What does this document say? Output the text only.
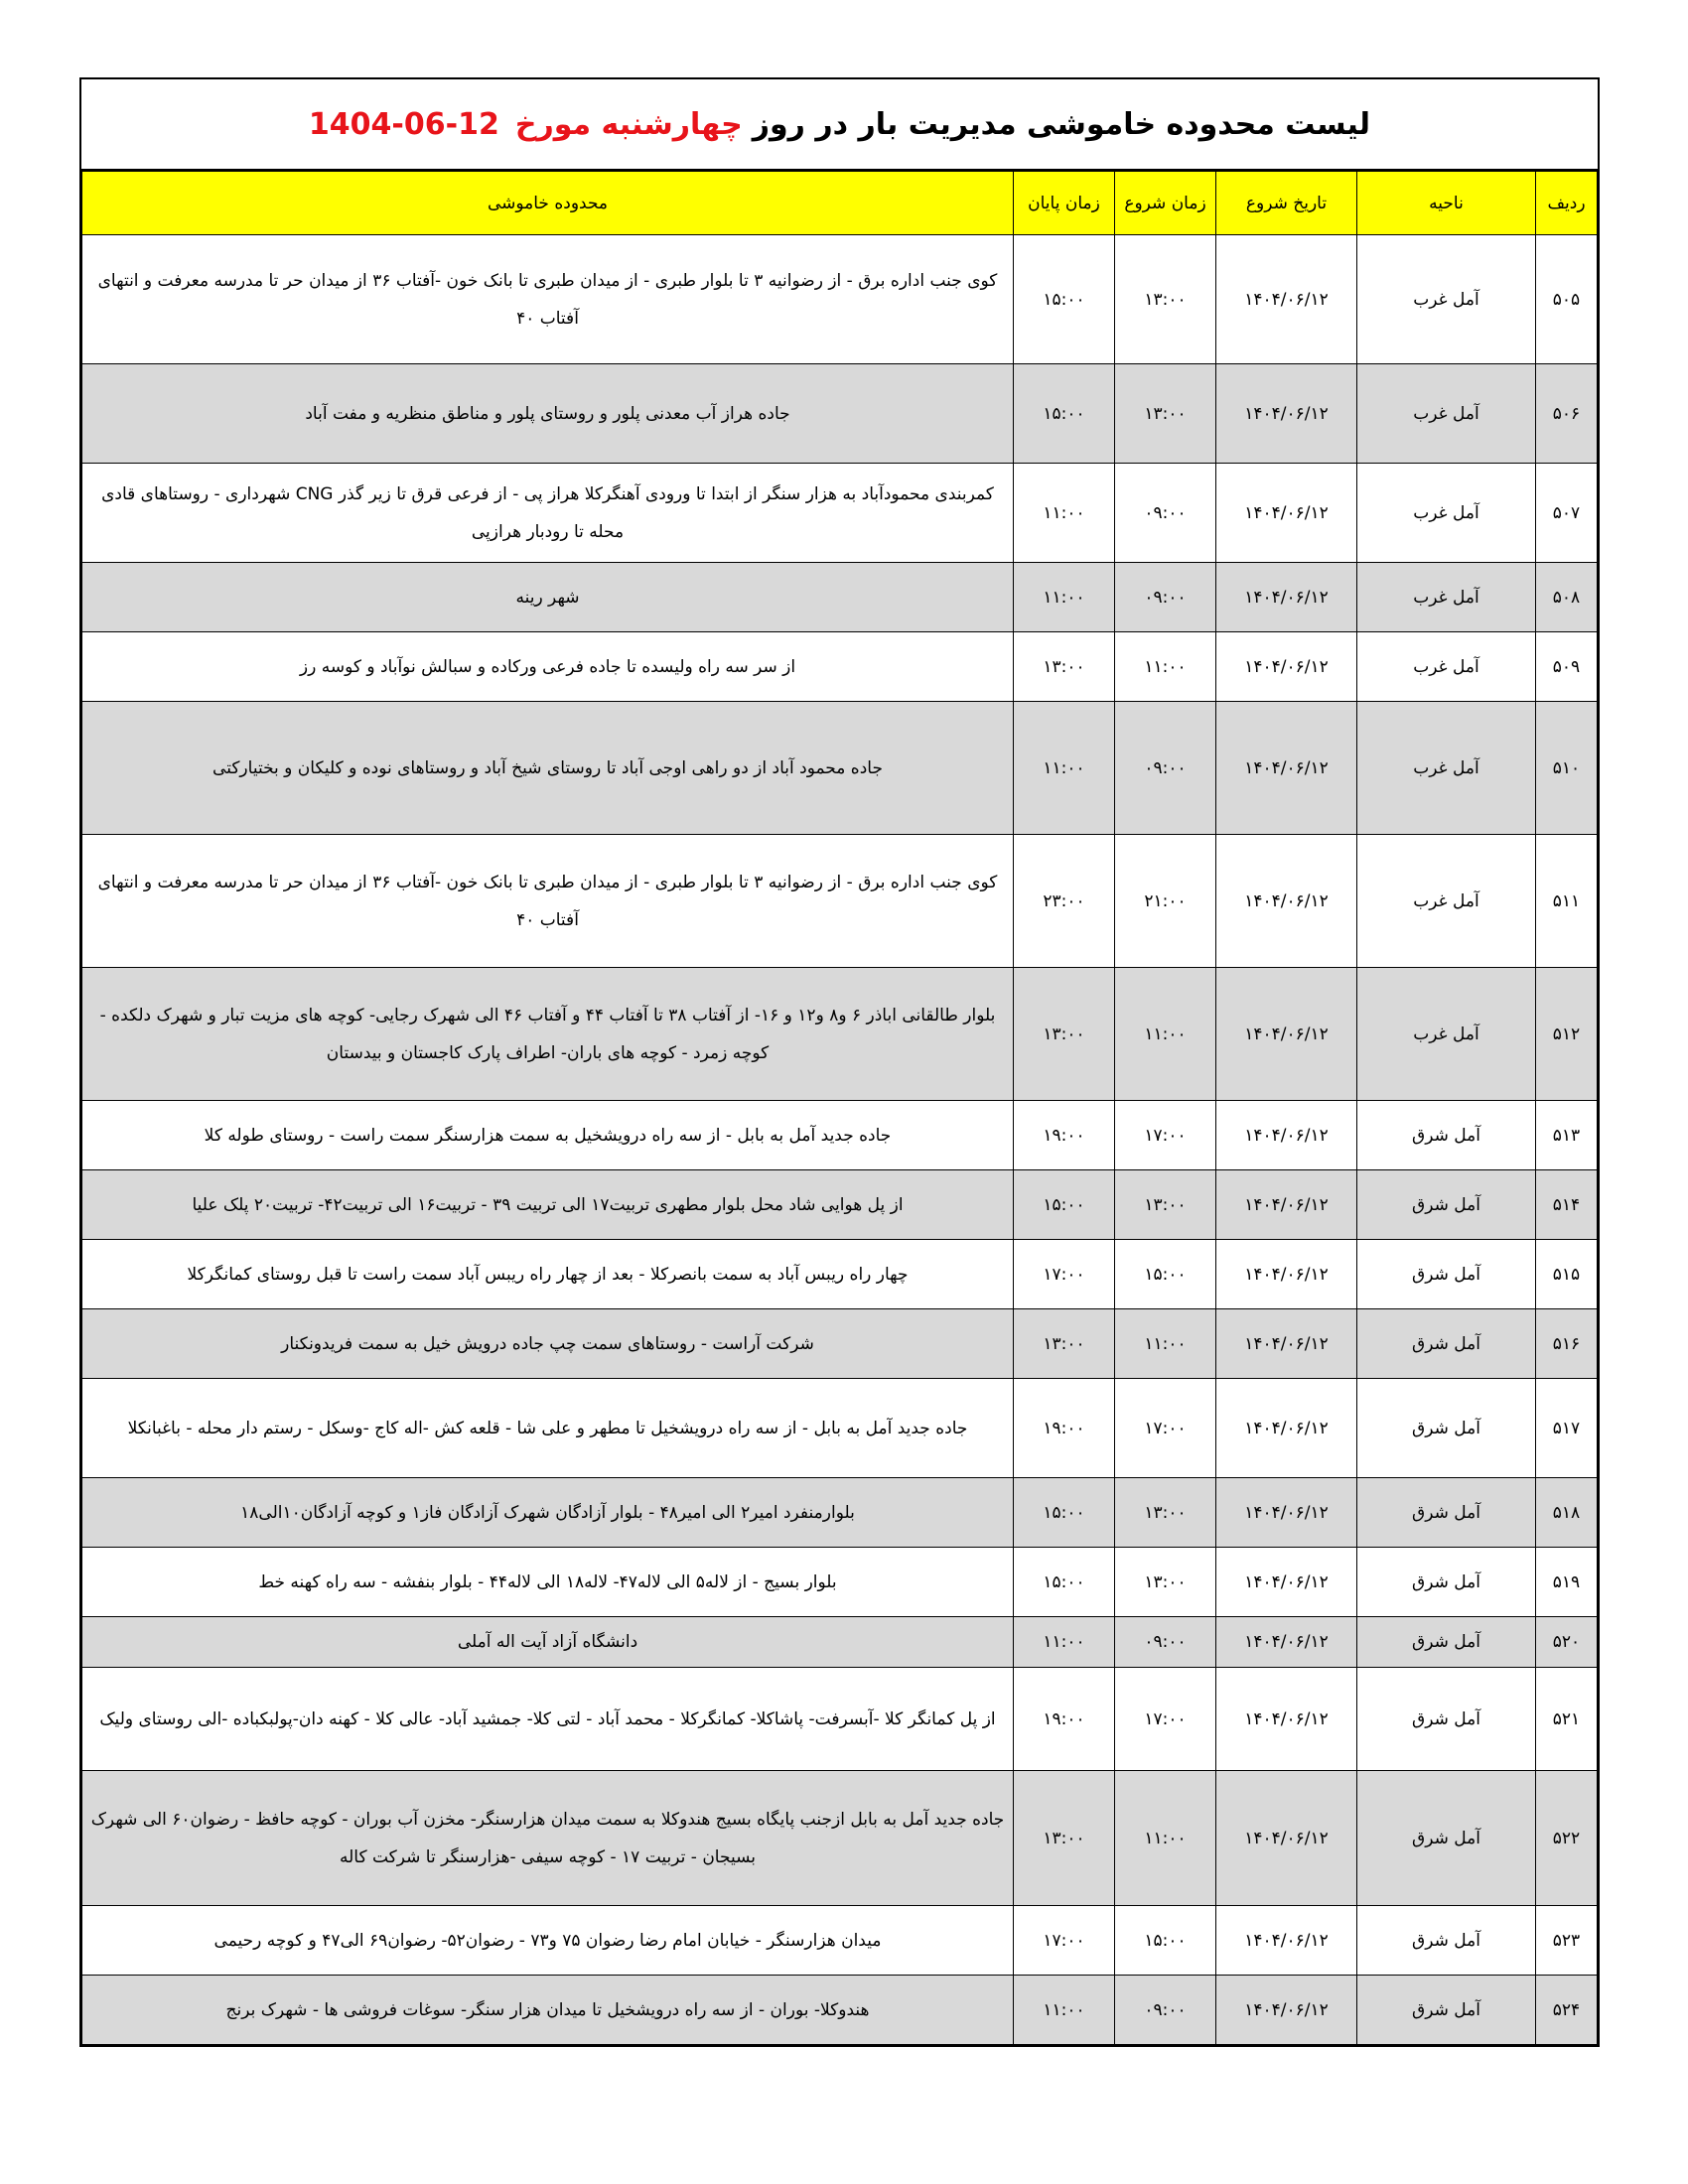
لیست محدوده خاموشی مدیریت بار در روز
چهارشنبه مورخ
1404-06-12
ردیف	ناحیه	تاریخ شروع	زمان شروع	زمان پایان	محدوده خاموشی
۵۰۵	آمل غرب	۱۴۰۴/۰۶/۱۲	۱۳:۰۰	۱۵:۰۰	کوی جنب اداره برق - از رضوانیه ۳ تا بلوار طبری - از میدان طبری تا بانک خون -آفتاب ۳۶ از میدان حر تا مدرسه معرفت و انتهای آفتاب ۴۰
۵۰۶	آمل غرب	۱۴۰۴/۰۶/۱۲	۱۳:۰۰	۱۵:۰۰	جاده هراز آب معدنی پلور و روستای پلور و مناطق منظریه و مفت آباد
۵۰۷	آمل غرب	۱۴۰۴/۰۶/۱۲	۰۹:۰۰	۱۱:۰۰	کمربندی محمودآباد به هزار سنگر از ابتدا تا ورودی آهنگرکلا هراز پی - از فرعی قرق تا زیر گذر CNG شهرداری - روستاهای قادی محله تا رودبار هرازپی
۵۰۸	آمل غرب	۱۴۰۴/۰۶/۱۲	۰۹:۰۰	۱۱:۰۰	شهر رینه
۵۰۹	آمل غرب	۱۴۰۴/۰۶/۱۲	۱۱:۰۰	۱۳:۰۰	از سر سه راه ولیسده تا جاده فرعی ورکاده و سبالش نوآباد و کوسه رز
۵۱۰	آمل غرب	۱۴۰۴/۰۶/۱۲	۰۹:۰۰	۱۱:۰۰	جاده محمود آباد از دو راهی اوجی آباد تا روستای شیخ آباد و روستاهای نوده و کلیکان و بختیارکتی
۵۱۱	آمل غرب	۱۴۰۴/۰۶/۱۲	۲۱:۰۰	۲۳:۰۰	کوی جنب اداره برق - از رضوانیه ۳ تا بلوار طبری - از میدان طبری تا بانک خون -آفتاب ۳۶ از میدان حر تا مدرسه معرفت و انتهای آفتاب ۴۰
۵۱۲	آمل غرب	۱۴۰۴/۰۶/۱۲	۱۱:۰۰	۱۳:۰۰	بلوار طالقانی اباذر ۶ و۸ و۱۲ و ۱۶- از آفتاب ۳۸ تا آفتاب ۴۴ و آفتاب ۴۶ الی شهرک رجایی- کوچه های مزیت تبار و شهرک دلکده - کوچه زمرد - کوچه های باران- اطراف پارک کاجستان و بیدستان
۵۱۳	آمل شرق	۱۴۰۴/۰۶/۱۲	۱۷:۰۰	۱۹:۰۰	جاده جدید آمل به بابل - از سه راه درویشخیل به سمت هزارسنگر سمت راست - روستای طوله کلا
۵۱۴	آمل شرق	۱۴۰۴/۰۶/۱۲	۱۳:۰۰	۱۵:۰۰	از پل هوایی شاد محل بلوار مطهری تربیت۱۷ الی تربیت ۳۹ - تربیت۱۶ الی تربیت۴۲- تربیت۲۰ پلک علیا
۵۱۵	آمل شرق	۱۴۰۴/۰۶/۱۲	۱۵:۰۰	۱۷:۰۰	چهار راه ریبس آباد به سمت بانصرکلا - بعد از چهار راه ریبس آباد سمت راست تا قبل روستای کمانگرکلا
۵۱۶	آمل شرق	۱۴۰۴/۰۶/۱۲	۱۱:۰۰	۱۳:۰۰	شرکت آراست - روستاهای سمت چپ جاده درویش خیل به سمت فریدونکنار
۵۱۷	آمل شرق	۱۴۰۴/۰۶/۱۲	۱۷:۰۰	۱۹:۰۰	جاده جدید آمل به بابل - از سه راه درویشخیل تا مطهر و علی شا - قلعه کش -اله کاج -وسکل - رستم دار محله - باغبانکلا
۵۱۸	آمل شرق	۱۴۰۴/۰۶/۱۲	۱۳:۰۰	۱۵:۰۰	بلوارمنفرد امیر۲ الی امیر۴۸ - بلوار آزادگان شهرک آزادگان فاز۱ و کوچه آزادگان۱۰الی۱۸
۵۱۹	آمل شرق	۱۴۰۴/۰۶/۱۲	۱۳:۰۰	۱۵:۰۰	بلوار بسیج - از لاله۵ الی لاله۴۷- لاله۱۸ الی لاله۴۴ - بلوار بنفشه - سه راه کهنه خط
۵۲۰	آمل شرق	۱۴۰۴/۰۶/۱۲	۰۹:۰۰	۱۱:۰۰	دانشگاه آزاد آیت اله آملی
۵۲۱	آمل شرق	۱۴۰۴/۰۶/۱۲	۱۷:۰۰	۱۹:۰۰	از پل کمانگر کلا -آبسرفت- پاشاکلا- کمانگرکلا - محمد آباد - لتی کلا- جمشید آباد- عالی کلا - کهنه دان-پولبکباده -الی روستای ولیک
۵۲۲	آمل شرق	۱۴۰۴/۰۶/۱۲	۱۱:۰۰	۱۳:۰۰	جاده جدید آمل به بابل ازجنب پایگاه بسیج هندوکلا به سمت میدان هزارسنگر- مخزن آب بوران - کوچه حافظ - رضوان۶۰ الی شهرک بسیجان - تربیت ۱۷ - کوچه سیفی -هزارسنگر تا شرکت کاله
۵۲۳	آمل شرق	۱۴۰۴/۰۶/۱۲	۱۵:۰۰	۱۷:۰۰	میدان هزارسنگر - خیابان امام رضا رضوان ۷۵ و۷۳ - رضوان۵۲- رضوان۶۹ الی۴۷ و کوچه رحیمی
۵۲۴	آمل شرق	۱۴۰۴/۰۶/۱۲	۰۹:۰۰	۱۱:۰۰	هندوکلا- بوران - از سه راه درویشخیل تا میدان هزار سنگر- سوغات فروشی ها - شهرک برنج
